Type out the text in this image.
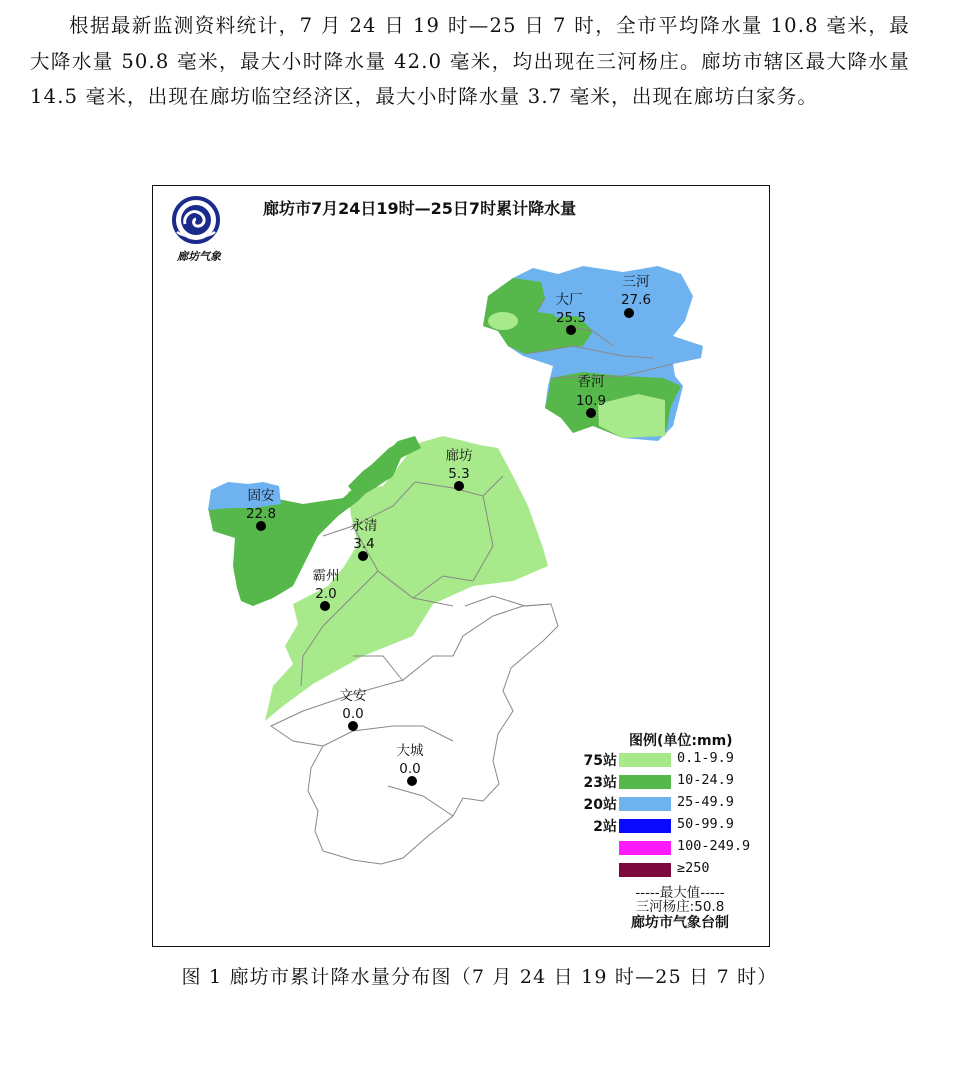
根据最新监测资料统计，7 月 24 日 19 时—25 日 7 时，全市平均降水量 10.8 毫米，最大降水量 50.8 毫米，最大小时降水量 42.0 毫米，均出现在三河杨庄。廊坊市辖区最大降水量 14.5 毫米，出现在廊坊临空经济区，最大小时降水量 3.7 毫米，出现在廊坊白家务。

三河
27.6
大厂
25.5
香河
10.9
廊坊
5.3
固安
22.8
永清
3.4
霸州
2.0
文安
0.0
大城
0.0
廊坊气象
廊坊市7月24日19时—25日7时累计降水量
图例(单位:mm)
75站	0.1-9.9
23站	10-24.9
20站	25-49.9
2站	50-99.9
100-249.9
≥250
-----最大值-----
三河杨庄:50.8
廊坊市气象台制
图 1 廊坊市累计降水量分布图（7 月 24 日 19 时—25 日 7 时）
